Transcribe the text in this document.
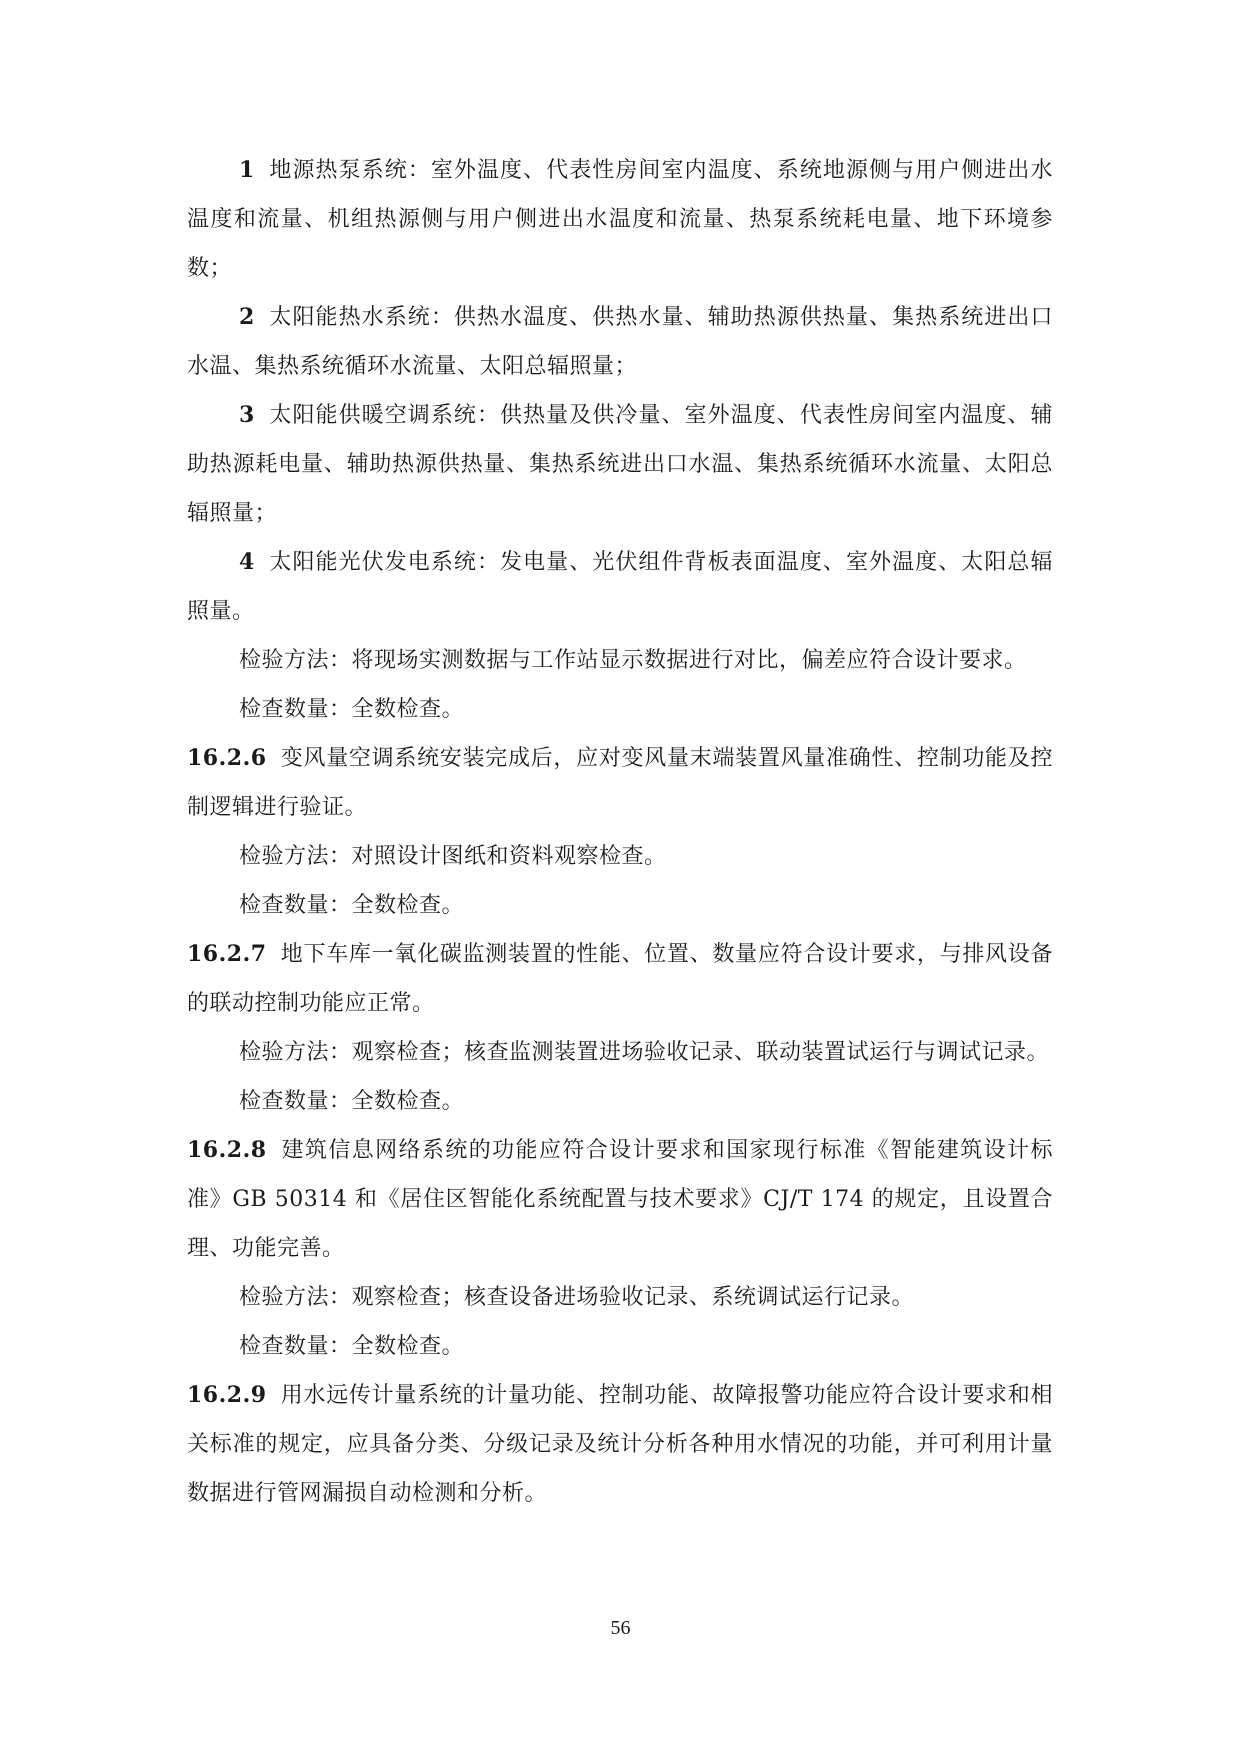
1 地源热泵系统：室外温度、代表性房间室内温度、系统地源侧与用户侧进出水温度和流量、机组热源侧与用户侧进出水温度和流量、热泵系统耗电量、地下环境参数；

2 太阳能热水系统：供热水温度、供热水量、辅助热源供热量、集热系统进出口水温、集热系统循环水流量、太阳总辐照量；

3 太阳能供暖空调系统：供热量及供冷量、室外温度、代表性房间室内温度、辅助热源耗电量、辅助热源供热量、集热系统进出口水温、集热系统循环水流量、太阳总辐照量；

4 太阳能光伏发电系统：发电量、光伏组件背板表面温度、室外温度、太阳总辐照量。

检验方法：将现场实测数据与工作站显示数据进行对比，偏差应符合设计要求。

检查数量：全数检查。

16.2.6 变风量空调系统安装完成后，应对变风量末端装置风量准确性、控制功能及控制逻辑进行验证。

检验方法：对照设计图纸和资料观察检查。

检查数量：全数检查。

16.2.7 地下车库一氧化碳监测装置的性能、位置、数量应符合设计要求，与排风设备的联动控制功能应正常。

检验方法：观察检查；核查监测装置进场验收记录、联动装置试运行与调试记录。

检查数量：全数检查。

16.2.8 建筑信息网络系统的功能应符合设计要求和国家现行标准《智能建筑设计标准》GB 50314 和《居住区智能化系统配置与技术要求》CJ/T 174 的规定，且设置合理、功能完善。

检验方法：观察检查；核查设备进场验收记录、系统调试运行记录。

检查数量：全数检查。

16.2.9 用水远传计量系统的计量功能、控制功能、故障报警功能应符合设计要求和相关标准的规定，应具备分类、分级记录及统计分析各种用水情况的功能，并可利用计量数据进行管网漏损自动检测和分析。

56
